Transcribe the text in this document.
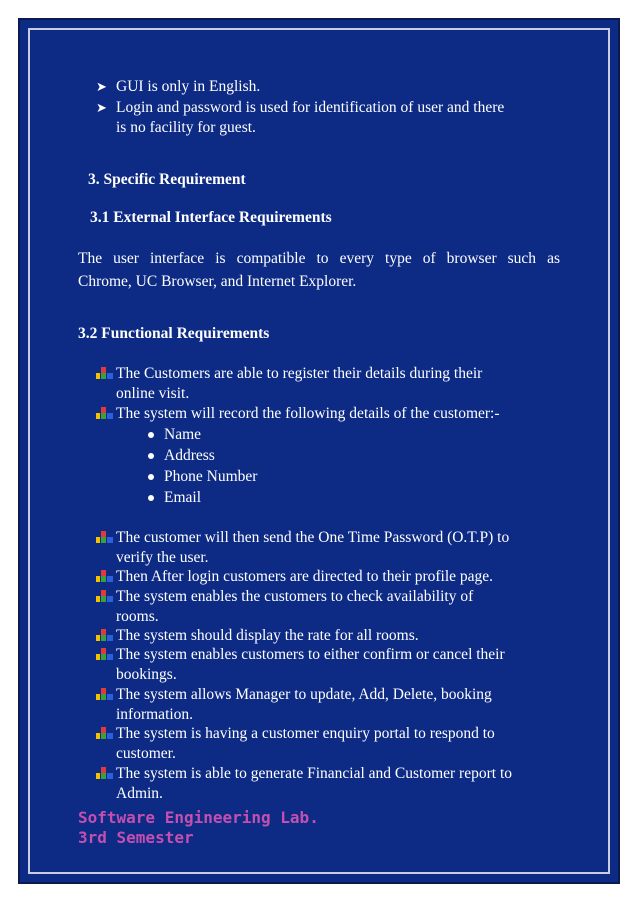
➤ GUI is only in English.
➤ Login and password is used for identification of user and there
is no facility for guest.
3. Specific Requirement
3.1 External Interface Requirements
The user interface is compatible to every type of browser such as
Chrome, UC Browser, and Internet Explorer.
3.2 Functional Requirements
The Customers are able to register their details during their
online visit.
The system will record the following details of the customer:-
Name
Address
Phone Number
Email
The customer will then send the One Time Password (O.T.P) to
verify the user.
Then After login customers are directed to their profile page.
The system enables the customers to check availability of
rooms.
The system should display the rate for all rooms.
The system enables customers to either confirm or cancel their
bookings.
The system allows Manager to update, Add, Delete, booking
information.
The system is having a customer enquiry portal to respond to
customer.
The system is able to generate Financial and Customer report to
Admin.
Software Engineering Lab.
3rd Semester
